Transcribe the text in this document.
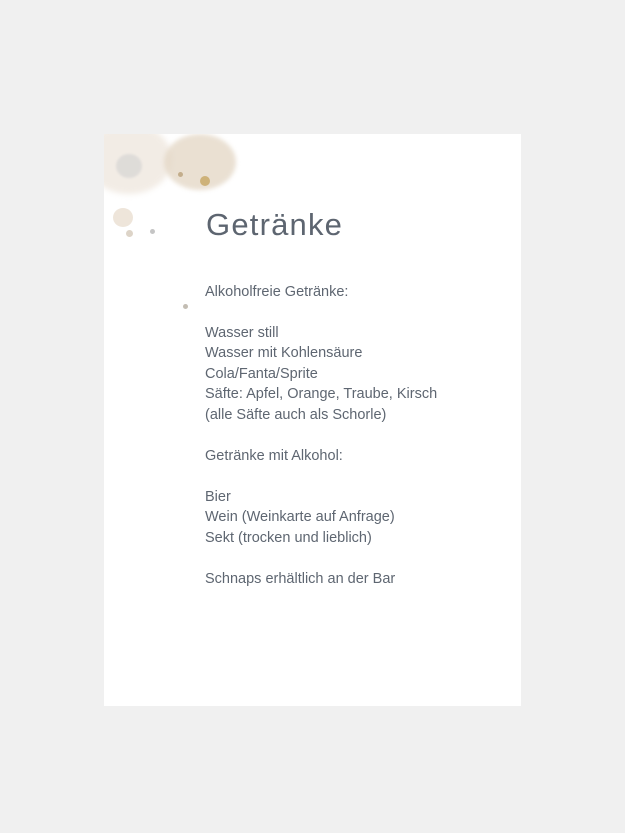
Getränke

Alkoholfreie Getränke:

Wasser still
Wasser mit Kohlensäure
Cola/Fanta/Sprite
Säfte: Apfel, Orange, Traube, Kirsch
(alle Säfte auch als Schorle)

Getränke mit Alkohol:

Bier
Wein (Weinkarte auf Anfrage)
Sekt (trocken und lieblich)

Schnaps erhältlich an der Bar
